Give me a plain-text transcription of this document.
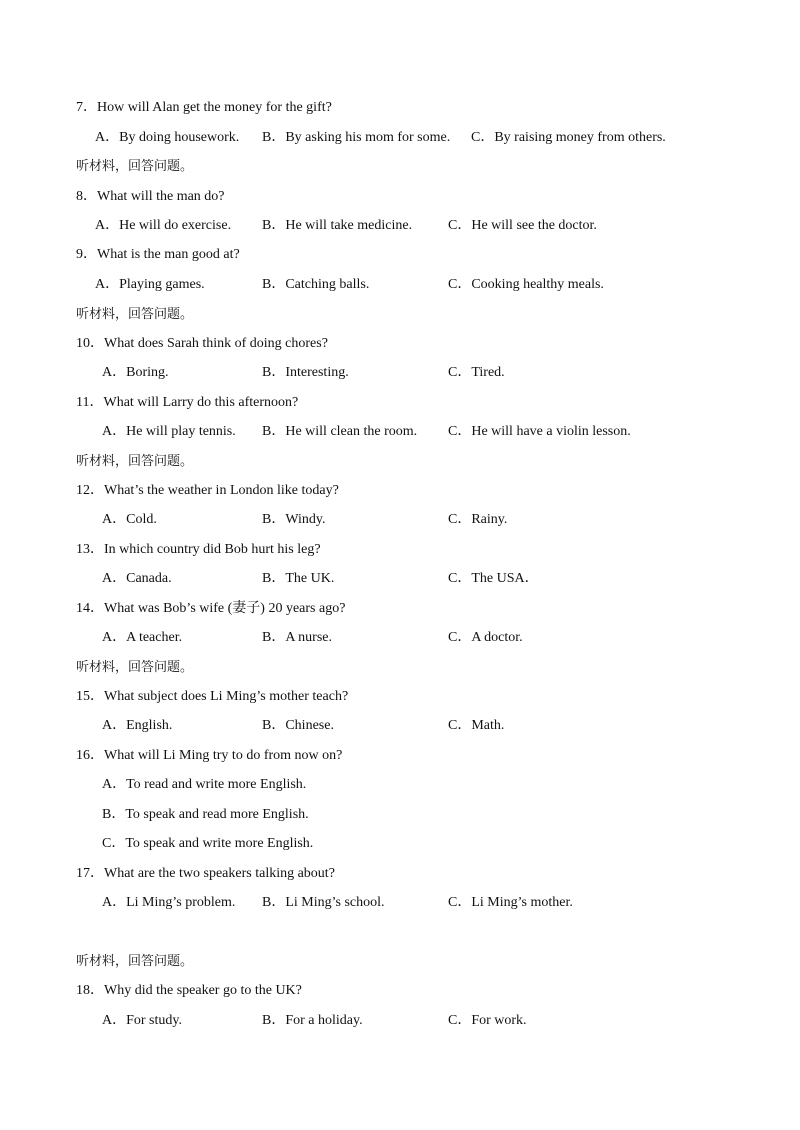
7．How will Alan get the money for the gift?
A．By doing housework. B．By asking his mom for some. C．By raising money from others.
听材料，回答问题。
8．What will the man do?
A．He will do exercise. B．He will take medicine.	C．He will see the doctor.
9．What is the man good at?
A．Playing games.	B．Catching balls.	C．Cooking healthy meals.
听材料，回答问题。
10．What does Sarah think of doing chores?
A．Boring.	B．Interesting.	C．Tired.
11．What will Larry do this afternoon?
A．He will play tennis. B．He will clean the room. C．He will have a violin lesson.
听材料，回答问题。
12．What’s the weather in London like today?
A．Cold.	B．Windy.	C．Rainy.
13．In which country did Bob hurt his leg?
A．Canada.	B．The UK.	C．The USA．
14．What was Bob’s wife (妻子) 20 years ago?
A．A teacher.	B．A nurse.	C．A doctor.
听材料，回答问题。
15．What subject does Li Ming’s mother teach?
A．English.	B．Chinese.	C．Math.
16．What will Li Ming try to do from now on?
A．To read and write more English.
B．To speak and read more English.
C．To speak and write more English.
17．What are the two speakers talking about?
A．Li Ming’s problem. B．Li Ming’s school.	C．Li Ming’s mother.
听材料，回答问题。
18．Why did the speaker go to the UK?
A．For study.	B．For a holiday.	C．For work.
